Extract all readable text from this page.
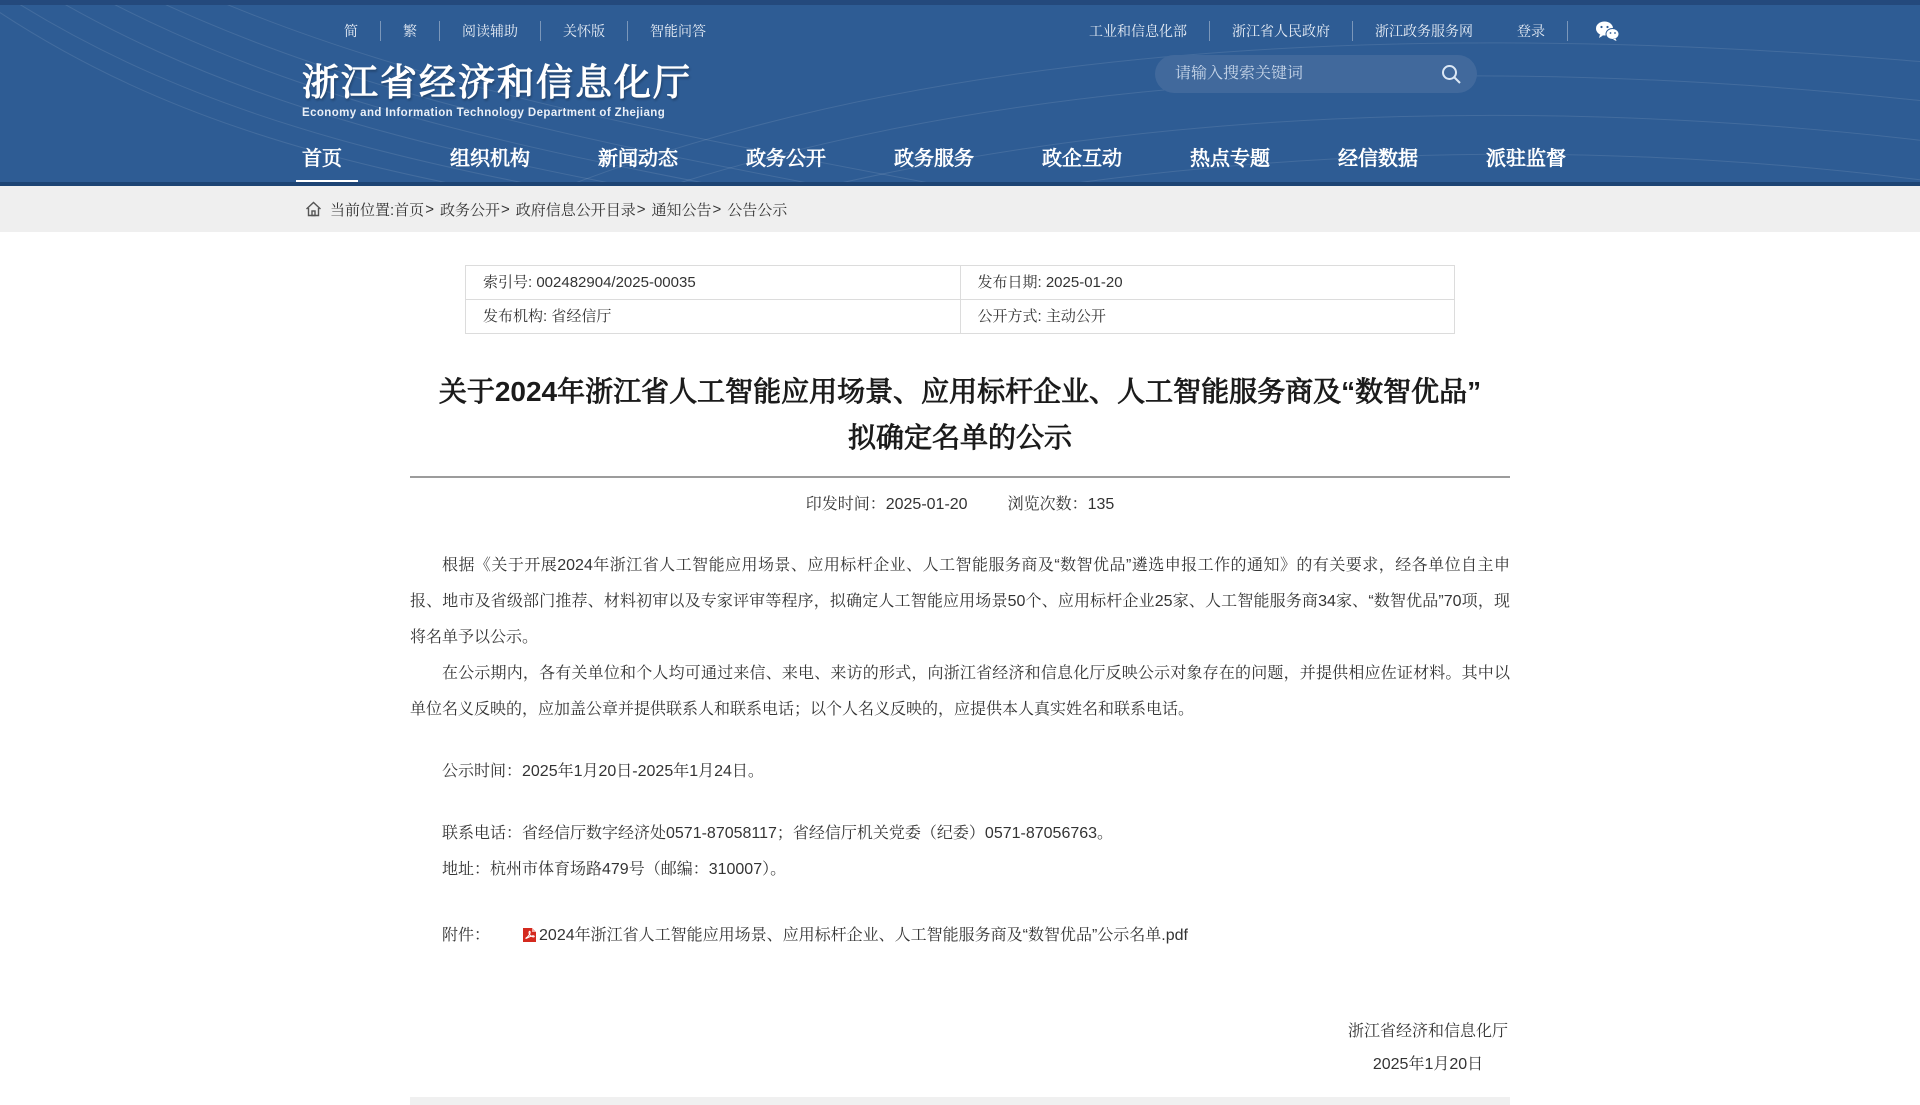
简	繁	阅读辅助	关怀版	智能问答	工业和信息化部	浙江省人民政府	浙江政务服务网	登录
浙江省经济和信息化厅
Economy and Information Technology Department of Zhejiang
请输入搜索关键词
首页	组织机构	新闻动态	政务公开	政务服务	政企互动	热点专题	经信数据	派驻监督
当前位置: 首页 > 政务公开 > 政府信息公开目录 > 通知公告 > 公告公示
索引号: 002482904/2025-00035	发布日期: 2025-01-20
发布机构: 省经信厅	公开方式: 主动公开
关于2024年浙江省人工智能应用场景、应用标杆企业、人工智能服务商及“数智优品”
拟确定名单的公示
印发时间：2025-01-20	浏览次数：135

根据《关于开展2024年浙江省人工智能应用场景、应用标杆企业、人工智能服务商及“数智优品”遴选申报工作的通知》的有关要求，经各单位自主申报、地市及省级部门推荐、材料初审以及专家评审等程序，拟确定人工智能应用场景50个、应用标杆企业25家、人工智能服务商34家、“数智优品”70项，现将名单予以公示。

在公示期内，各有关单位和个人均可通过来信、来电、来访的形式，向浙江省经济和信息化厅反映公示对象存在的问题，并提供相应佐证材料。其中以单位名义反映的，应加盖公章并提供联系人和联系电话；以个人名义反映的，应提供本人真实姓名和联系电话。

公示时间：2025年1月20日-2025年1月24日。

联系电话：省经信厅数字经济处0571-87058117；省经信厅机关党委（纪委）0571-87056763。

地址：杭州市体育场路479号（邮编：310007）。

附件：	2024年浙江省人工智能应用场景、应用标杆企业、人工智能服务商及“数智优品”公示名单.pdf
浙江省经济和信息化厅
2025年1月20日
